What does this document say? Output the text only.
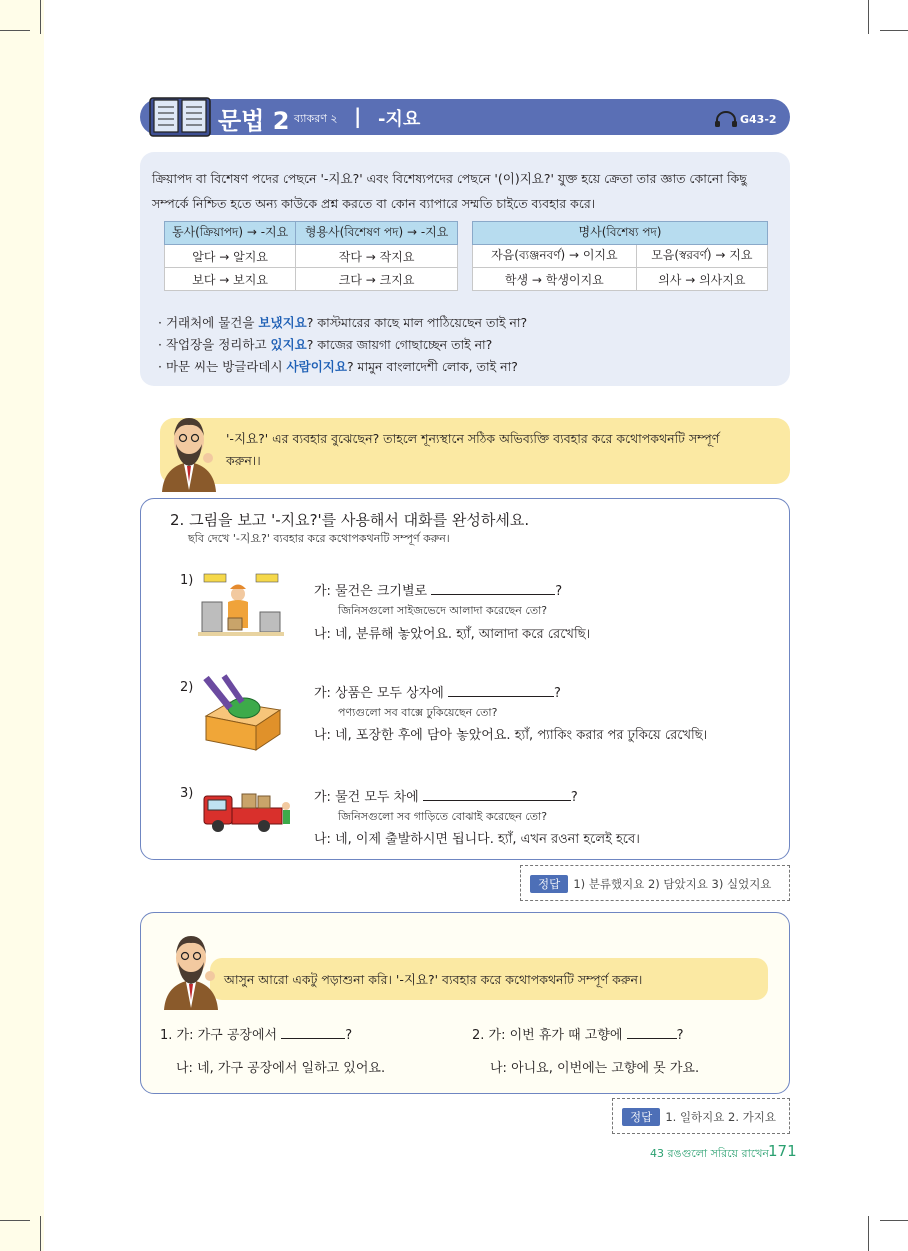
문법 2 ব্যাকরণ ২ | -지요	G43-2
ক্রিয়াপদ বা বিশেষণ পদের পেছনে '-지요?' এবং বিশেষ্যপদের পেছনে '(이)지요?' যুক্ত হয়ে ক্রেতা তার জ্ঞাত কোনো কিছু সম্পর্কে নিশ্চিত হতে অন্য কাউকে প্রশ্ন করতে বা কোন ব্যাপারে সম্মতি চাইতে ব্যবহার করে।
동사(ক্রিয়াপদ) → -지요	형용사(বিশেষণ পদ) → -지요
알다 → 알지요	작다 → 작지요
보다 → 보지요	크다 → 크지요
명사(বিশেষ্য পদ)	
자음(ব্যঞ্জনবর্ণ) → 이지요	모음(স্বরবর্ণ) → 지요
학생 → 학생이지요	의사 → 의사지요
· 거래처에 물건을 보냈지요? কাস্টমারের কাছে মাল পাঠিয়েছেন তাই না?
· 작업장을 정리하고 있지요? কাজের জায়গা গোছাচ্ছেন তাই না?
· 마문 씨는 방글라데시 사람이지요? মামুন বাংলাদেশী লোক, তাই না?
'-지요?' এর ব্যবহার বুঝেছেন? তাহলে শূন্যস্থানে সঠিক অভিব্যক্তি ব্যবহার করে কথোপকথনটি সম্পূর্ণ করুন।।
2. 그림을 보고 '-지요?'를 사용해서 대화를 완성하세요.
ছবি দেখে '-지요?' ব্যবহার করে কথোপকথনটি সম্পূর্ণ করুন।
1)
가: 물건은 크기별로	?
জিনিসগুলো সাইজভেদে আলাদা করেছেন তো?
나: 네, 분류해 놓았어요. হ্যাঁ, আলাদা করে রেখেছি।
2)	가: 상품은 모두 상자에	?
পণ্যগুলো সব বাক্সে ঢুকিয়েছেন তো?
나: 네, 포장한 후에 담아 놓았어요. হ্যাঁ, প্যাকিং করার পর ঢুকিয়ে রেখেছি।
3)	가: 물건 모두 차에	?
জিনিসগুলো সব গাড়িতে বোঝাই করেছেন তো?
나: 네, 이제 출발하시면 됩니다. হ্যাঁ, এখন রওনা হলেই হবে।
정답 1) 분류했지요 2) 담았지요 3) 실었지요
আসুন আরো একটু পড়াশুনা করি। '-지요?' ব্যবহার করে কথোপকথনটি সম্পূর্ণ করুন।
1. 가: 가구 공장에서	?
나: 네, 가구 공장에서 일하고 있어요.
2. 가: 이번 휴가 때 고향에	?
나: 아니요, 이번에는 고향에 못 가요.
정답 1. 일하지요 2. 가지요
43 রঙগুলো সরিয়ে রাখেন 171
